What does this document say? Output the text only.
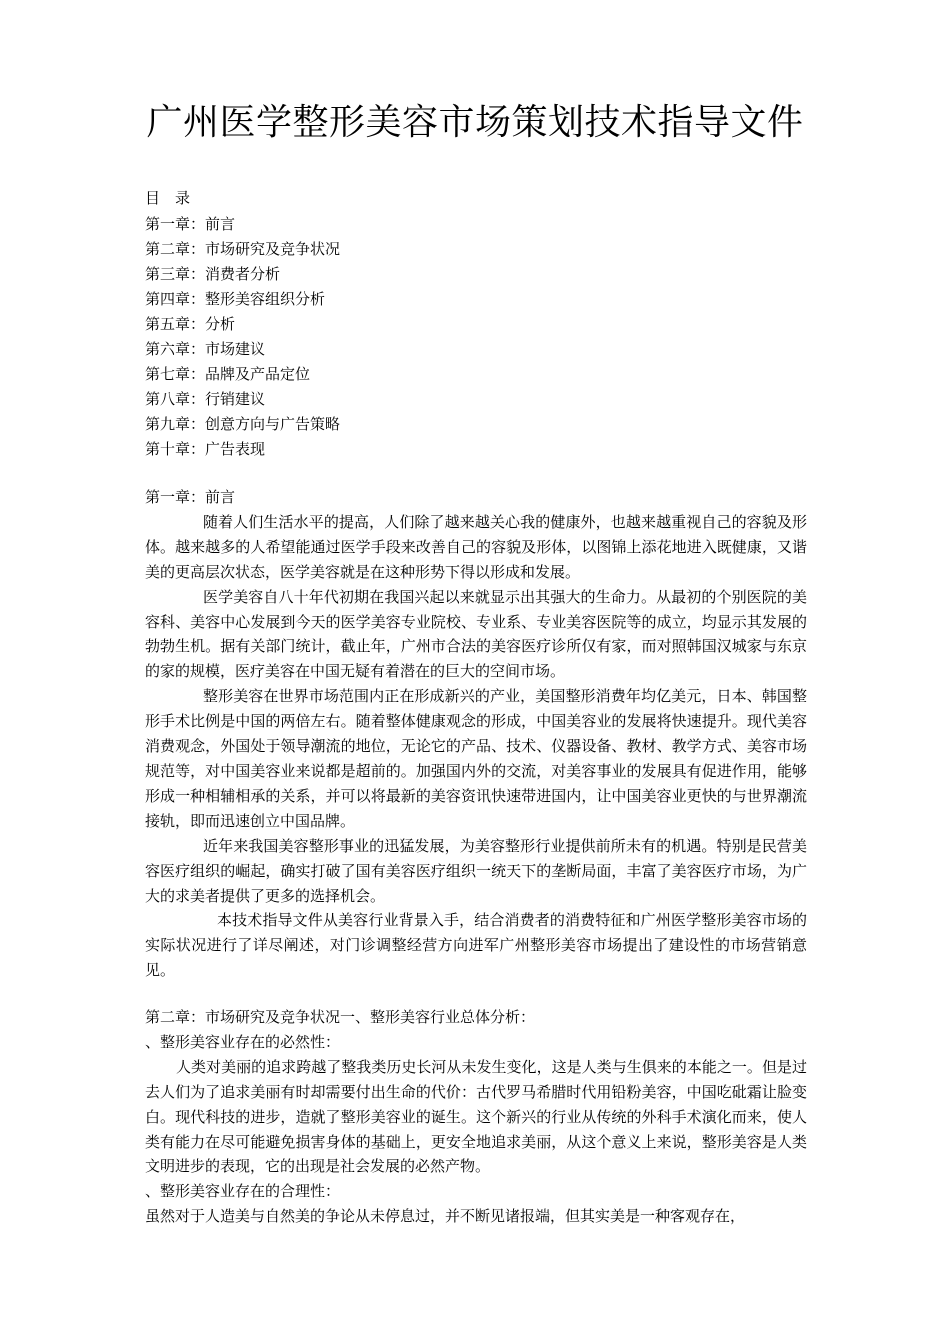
广州医学整形美容市场策划技术指导文件
目　录
第一章：前言
第二章：市场研究及竞争状况
第三章：消费者分析
第四章：整形美容组织分析
第五章：分析
第六章：市场建议
第七章：品牌及产品定位
第八章：行销建议
第九章：创意方向与广告策略
第十章：广告表现
第一章：前言

随着人们生活水平的提高，人们除了越来越关心我的健康外，也越来越重视自己的容貌及形体。越来越多的人希望能通过医学手段来改善自己的容貌及形体，以图锦上添花地进入既健康，又谐美的更高层次状态，医学美容就是在这种形势下得以形成和发展。

医学美容自八十年代初期在我国兴起以来就显示出其强大的生命力。从最初的个别医院的美容科、美容中心发展到今天的医学美容专业院校、专业系、专业美容医院等的成立，均显示其发展的勃勃生机。据有关部门统计，截止年，广州市合法的美容医疗诊所仅有家，而对照韩国汉城家与东京的家的规模，医疗美容在中国无疑有着潜在的巨大的空间市场。

整形美容在世界市场范围内正在形成新兴的产业，美国整形消费年均亿美元，日本、韩国整形手术比例是中国的两倍左右。随着整体健康观念的形成，中国美容业的发展将快速提升。现代美容消费观念，外国处于领导潮流的地位，无论它的产品、技术、仪器设备、教材、教学方式、美容市场规范等，对中国美容业来说都是超前的。加强国内外的交流，对美容事业的发展具有促进作用，能够形成一种相辅相承的关系，并可以将最新的美容资讯快速带进国内，让中国美容业更快的与世界潮流接轨，即而迅速创立中国品牌。

近年来我国美容整形事业的迅猛发展，为美容整形行业提供前所未有的机遇。特别是民营美容医疗组织的崛起，确实打破了国有美容医疗组织一统天下的垄断局面，丰富了美容医疗市场，为广大的求美者提供了更多的选择机会。

本技术指导文件从美容行业背景入手，结合消费者的消费特征和广州医学整形美容市场的实际状况进行了详尽阐述，对门诊调整经营方向进军广州整形美容市场提出了建设性的市场营销意见。

第二章：市场研究及竞争状况一、整形美容行业总体分析：
、整形美容业存在的必然性：

人类对美丽的追求跨越了整我类历史长河从未发生变化，这是人类与生俱来的本能之一。但是过去人们为了追求美丽有时却需要付出生命的代价：古代罗马希腊时代用铅粉美容，中国吃砒霜让脸变白。现代科技的进步，造就了整形美容业的诞生。这个新兴的行业从传统的外科手术演化而来，使人类有能力在尽可能避免损害身体的基础上，更安全地追求美丽，从这个意义上来说，整形美容是人类文明进步的表现，它的出现是社会发展的必然产物。

、整形美容业存在的合理性：

虽然对于人造美与自然美的争论从未停息过，并不断见诸报端，但其实美是一种客观存在，
